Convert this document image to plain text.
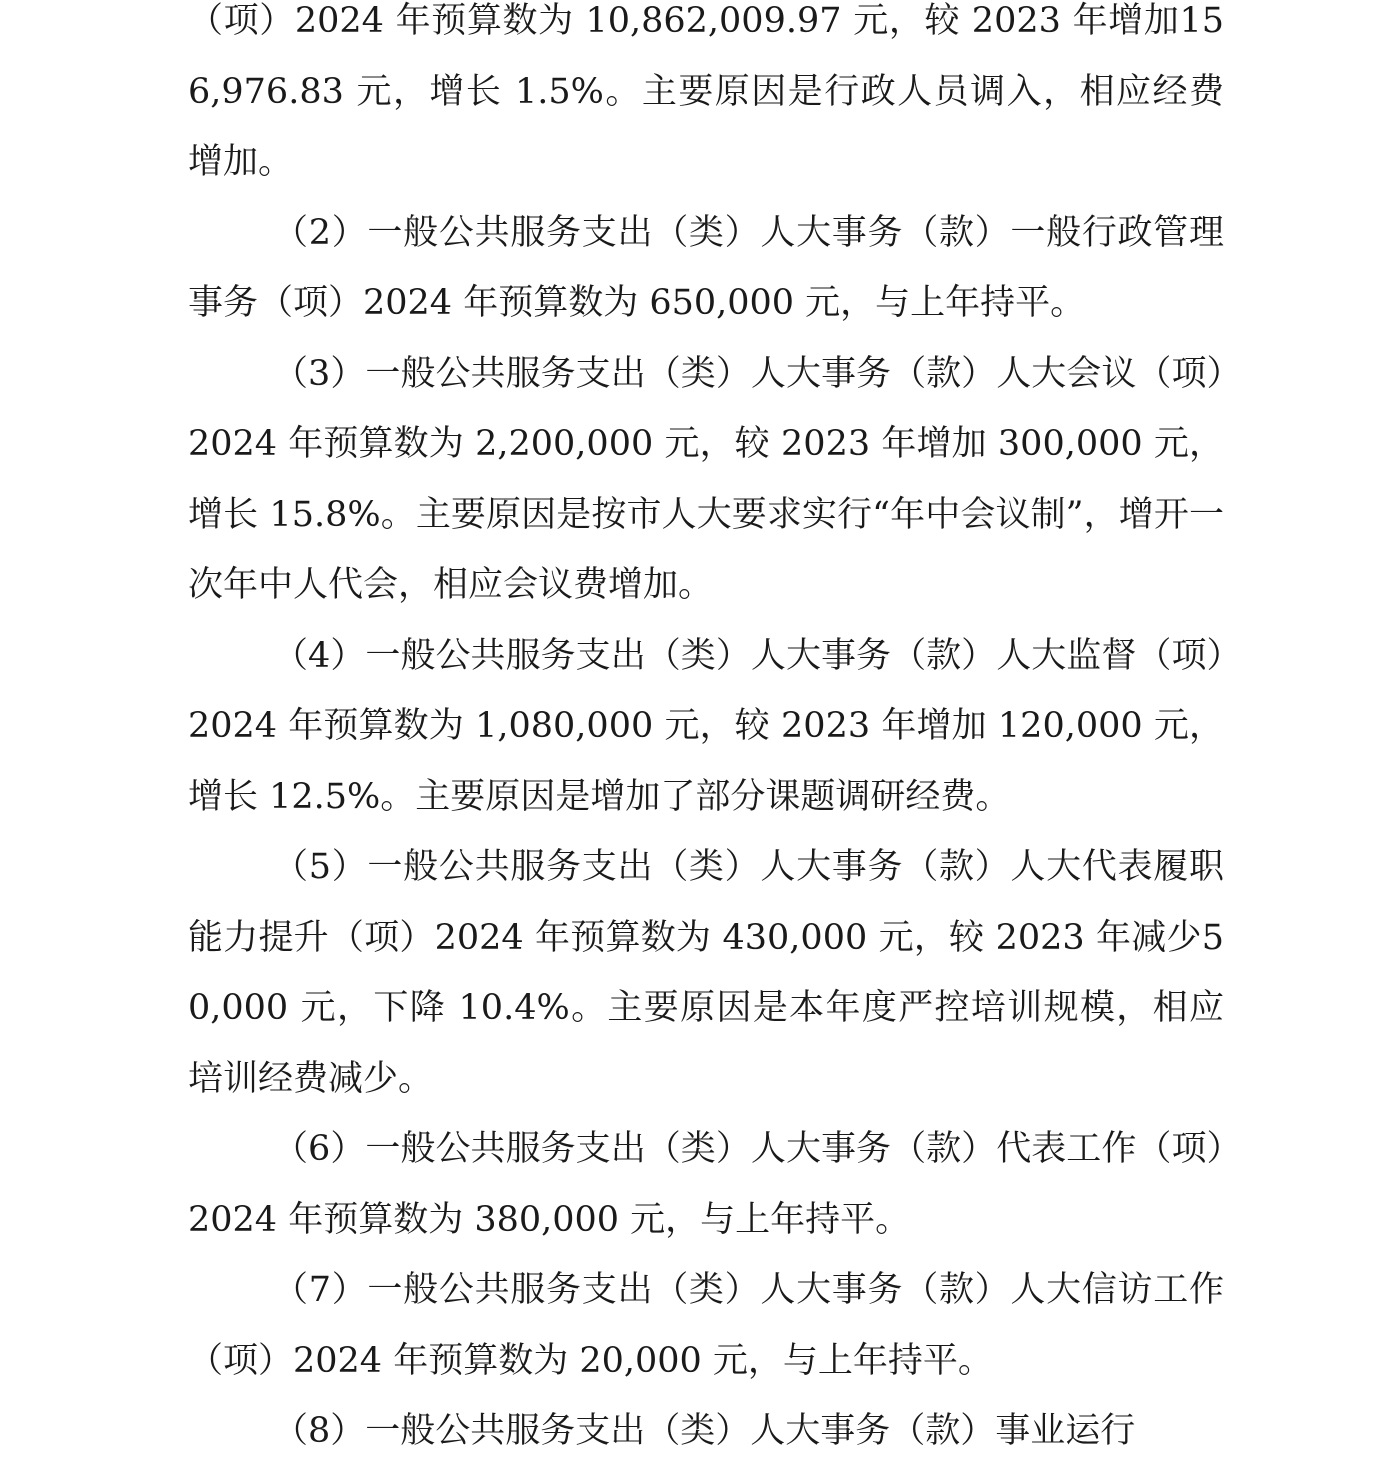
（项）2024 年预算数为 10,862,009.97 元，较 2023 年增加156,976.83 元，增长 1.5%。主要原因是行政人员调入，相应经费增加。

（2）一般公共服务支出（类）人大事务（款）一般行政管理事务（项）2024 年预算数为 650,000 元，与上年持平。

（3）一般公共服务支出（类）人大事务（款）人大会议（项）2024 年预算数为 2,200,000 元，较 2023 年增加 300,000 元，增长 15.8%。主要原因是按市人大要求实行“年中会议制”，增开一次年中人代会，相应会议费增加。

（4）一般公共服务支出（类）人大事务（款）人大监督（项）2024 年预算数为 1,080,000 元，较 2023 年增加 120,000 元，增长 12.5%。主要原因是增加了部分课题调研经费。

（5）一般公共服务支出（类）人大事务（款）人大代表履职能力提升（项）2024 年预算数为 430,000 元，较 2023 年减少50,000 元，下降 10.4%。主要原因是本年度严控培训规模，相应培训经费减少。

（6）一般公共服务支出（类）人大事务（款）代表工作（项）2024 年预算数为 380,000 元，与上年持平。

（7）一般公共服务支出（类）人大事务（款）人大信访工作（项）2024 年预算数为 20,000 元，与上年持平。

（8）一般公共服务支出（类）人大事务（款）事业运行
